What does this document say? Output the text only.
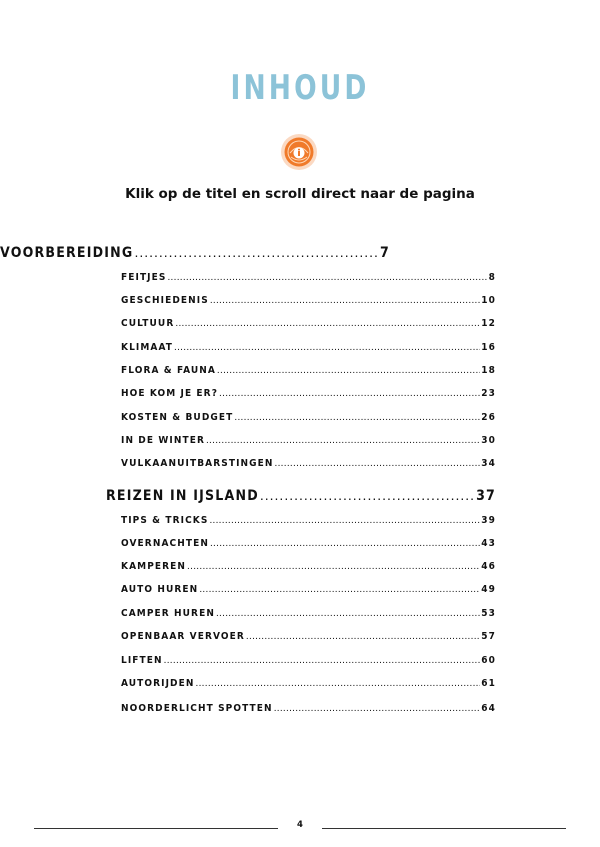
INHOUD
Klik op de titel en scroll direct naar de pagina
VOORBEREIDING .....	7
FEITJES .....	8
GESCHIEDENIS .....	10
CULTUUR .....	12
KLIMAAT .....	16
FLORA & FAUNA .....	18
HOE KOM JE ER? .....	23
KOSTEN & BUDGET .....	26
IN DE WINTER .....	30
VULKAANUITBARSTINGEN .....	34
REIZEN IN IJSLAND .....	37
TIPS & TRICKS .....	39
OVERNACHTEN .....	43
KAMPEREN .....	46
AUTO HUREN .....	49
CAMPER HUREN .....	53
OPENBAAR VERVOER .....	57
LIFTEN .....	60
AUTORIJDEN .....	61
NOORDERLICHT SPOTTEN .....	64
4
